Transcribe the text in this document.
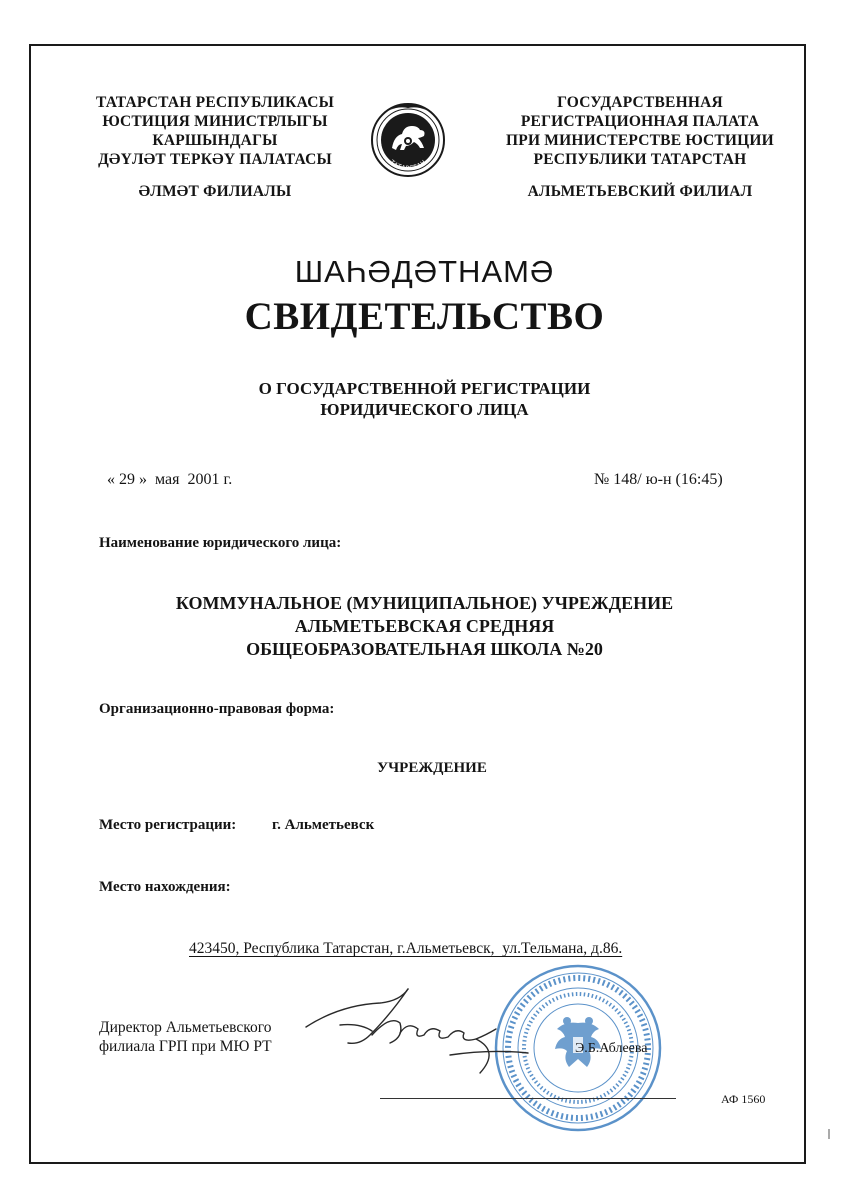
ТАТАРСТАН РЕСПУБЛИКАСЫ
ЮСТИЦИЯ МИНИСТРЛЫГЫ
КАРШЫНДАГЫ
ДӘҮЛӘТ ТЕРКӘҮ ПАЛАТАСЫ	ТАТАРСТАН
ГОСУДАРСТВЕННАЯ
РЕГИСТРАЦИОННАЯ ПАЛАТА
ПРИ МИНИСТЕРСТВЕ ЮСТИЦИИ
РЕСПУБЛИКИ ТАТАРСТАН
ӘЛМӘТ ФИЛИАЛЫ	АЛЬМЕТЬЕВСКИЙ ФИЛИАЛ
ШАҺӘДӘТНАМӘ
СВИДЕТЕЛЬСТВО
О ГОСУДАРСТВЕННОЙ РЕГИСТРАЦИИ
ЮРИДИЧЕСКОГО ЛИЦА
« 29 »  мая  2001 г.	№ 148/ ю-н (16:45)
Наименование юридического лица:
КОММУНАЛЬНОЕ (МУНИЦИПАЛЬНОЕ) УЧРЕЖДЕНИЕ
АЛЬМЕТЬЕВСКАЯ СРЕДНЯЯ
ОБЩЕОБРАЗОВАТЕЛЬНАЯ ШКОЛА №20
Организационно-правовая форма:
УЧРЕЖДЕНИЕ
Место регистрации: г. Альметьевск
Место нахождения:
423450, Республика Татарстан, г.Альметьевск,  ул.Тельмана, д.86.
Директор Альметьевского
филиала ГРП при МЮ РТ	Э.Б.Аблеева
АФ 1560
